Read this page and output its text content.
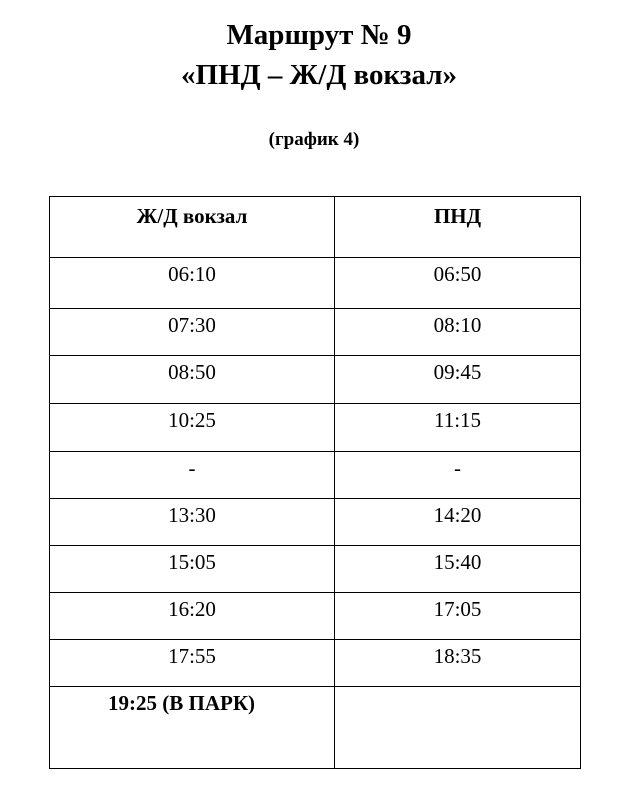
Маршрут № 9
«ПНД – Ж/Д вокзал»
(график 4)
Ж/Д вокзал	ПНД
06:10	06:50
07:30	08:10
08:50	09:45
10:25	11:15
-	-
13:30	14:20
15:05	15:40
16:20	17:05
17:55	18:35
19:25 (В ПАРК)	
